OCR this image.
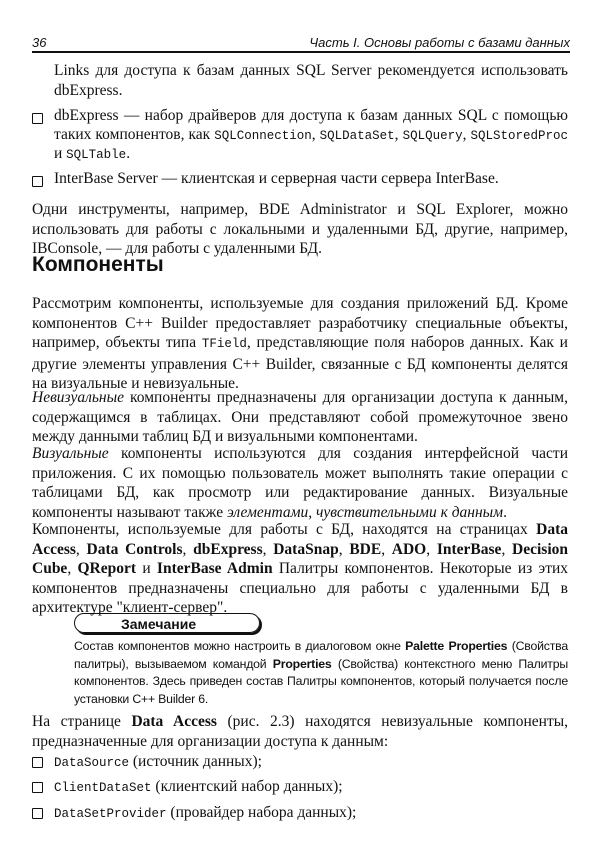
36	Часть I. Основы работы с базами данных
Links для доступа к базам данных SQL Server рекомендуется использовать dbExpress.
dbExpress — набор драйверов для доступа к базам данных SQL с помощью таких компонентов, как SQLConnection, SQLDataSet, SQLQuery, SQLStoredProc и SQLTable.
InterBase Server — клиентская и серверная части сервера InterBase.
Одни инструменты, например, BDE Administrator и SQL Explorer, можно использовать для работы с локальными и удаленными БД, другие, например, IBConsole, — для работы с удаленными БД.
Компоненты
Рассмотрим компоненты, используемые для создания приложений БД. Кроме компонентов C++ Builder предоставляет разработчику специальные объекты, например, объекты типа TField, представляющие поля наборов данных. Как и другие элементы управления C++ Builder, связанные с БД компоненты делятся на визуальные и невизуальные.
Невизуальные компоненты предназначены для организации доступа к данным, содержащимся в таблицах. Они представляют собой промежуточное звено между данными таблиц БД и визуальными компонентами.
Визуальные компоненты используются для создания интерфейсной части приложения. С их помощью пользователь может выполнять такие операции с таблицами БД, как просмотр или редактирование данных. Визуальные компоненты называют также элементами, чувствительными к данным.
Компоненты, используемые для работы с БД, находятся на страницах Data Access, Data Controls, dbExpress, DataSnap, BDE, ADO, InterBase, Decision Cube, QReport и InterBase Admin Палитры компонентов. Некоторые из этих компонентов предназначены специально для работы с удаленными БД в архитектуре "клиент-сервер".
Замечание
Состав компонентов можно настроить в диалоговом окне Palette Properties (Свойства палитры), вызываемом командой Properties (Свойства) контекстного меню Палитры компонентов. Здесь приведен состав Палитры компонентов, который получается после установки C++ Builder 6.
На странице Data Access (рис. 2.3) находятся невизуальные компоненты, предназначенные для организации доступа к данным:
DataSource (источник данных);
ClientDataSet (клиентский набор данных);
DataSetProvider (провайдер набора данных);
